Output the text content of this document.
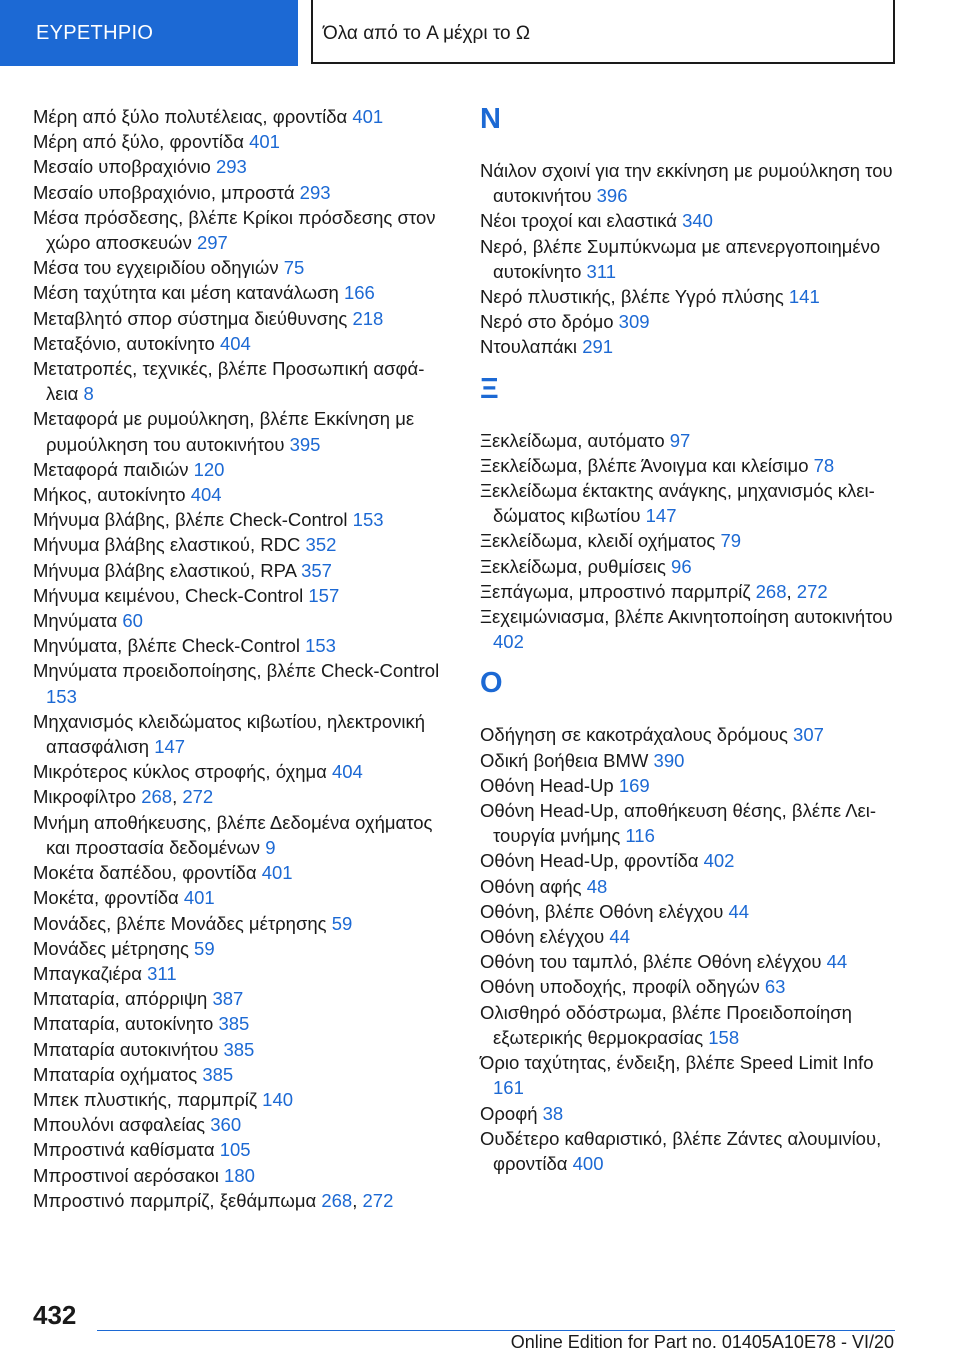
ΕΥΡΕΤΗΡΙΟ	Όλα από το A μέχρι το Ω
Μέρη από ξύλο πολυτέλειας, φροντίδα 401
Μέρη από ξύλο, φροντίδα 401
Μεσαίο υποβραχιόνιο 293
Μεσαίο υποβραχιόνιο, μπροστά 293
Μέσα πρόσδεσης, βλέπε Κρίκοι πρόσδεσης στον χώρο αποσκευών 297
Μέσα του εγχειριδίου οδηγιών 75
Μέση ταχύτητα και μέση κατανάλωση 166
Μεταβλητό σπορ σύστημα διεύθυνσης 218
Μεταξόνιο, αυτοκίνητο 404
Μετατροπές, τεχνικές, βλέπε Προσωπική ασφάλεια 8
Μεταφορά με ρυμούλκηση, βλέπε Εκκίνηση με ρυμούλκηση του αυτοκινήτου 395
Μεταφορά παιδιών 120
Μήκος, αυτοκίνητο 404
Μήνυμα βλάβης, βλέπε Check-Control 153
Μήνυμα βλάβης ελαστικού, RDC 352
Μήνυμα βλάβης ελαστικού, RPA 357
Μήνυμα κειμένου, Check-Control 157
Μηνύματα 60
Μηνύματα, βλέπε Check-Control 153
Μηνύματα προειδοποίησης, βλέπε Check-Control 153
Μηχανισμός κλειδώματος κιβωτίου, ηλεκτρονική απασφάλιση 147
Μικρότερος κύκλος στροφής, όχημα 404
Μικροφίλτρο 268, 272
Μνήμη αποθήκευσης, βλέπε Δεδομένα οχήματος και προστασία δεδομένων 9
Μοκέτα δαπέδου, φροντίδα 401
Μοκέτα, φροντίδα 401
Μονάδες, βλέπε Μονάδες μέτρησης 59
Μονάδες μέτρησης 59
Μπαγκαζιέρα 311
Μπαταρία, απόρριψη 387
Μπαταρία, αυτοκίνητο 385
Μπαταρία αυτοκινήτου 385
Μπαταρία οχήματος 385
Μπεκ πλυστικής, παρμπρίζ 140
Μπουλόνι ασφαλείας 360
Μπροστινά καθίσματα 105
Μπροστινοί αερόσακοι 180
Μπροστινό παρμπρίζ, ξεθάμπωμα 268, 272
N
Νάιλον σχοινί για την εκκίνηση με ρυμούλκηση του αυτοκινήτου 396
Νέοι τροχοί και ελαστικά 340
Νερό, βλέπε Συμπύκνωμα με απενεργοποιημένο αυτοκίνητο 311
Νερό πλυστικής, βλέπε Υγρό πλύσης 141
Νερό στο δρόμο 309
Ντουλαπάκι 291
Ξ
Ξεκλείδωμα, αυτόματο 97
Ξεκλείδωμα, βλέπε Άνοιγμα και κλείσιμο 78
Ξεκλείδωμα έκτακτης ανάγκης, μηχανισμός κλειδώματος κιβωτίου 147
Ξεκλείδωμα, κλειδί οχήματος 79
Ξεκλείδωμα, ρυθμίσεις 96
Ξεπάγωμα, μπροστινό παρμπρίζ 268, 272
Ξεχειμώνιασμα, βλέπε Ακινητοποίηση αυτοκινήτου 402
O
Οδήγηση σε κακοτράχαλους δρόμους 307
Οδική βοήθεια BMW 390
Οθόνη Head-Up 169
Οθόνη Head-Up, αποθήκευση θέσης, βλέπε Λειτουργία μνήμης 116
Οθόνη Head-Up, φροντίδα 402
Οθόνη αφής 48
Οθόνη, βλέπε Οθόνη ελέγχου 44
Οθόνη ελέγχου 44
Οθόνη του ταμπλό, βλέπε Οθόνη ελέγχου 44
Οθόνη υποδοχής, προφίλ οδηγών 63
Ολισθηρό οδόστρωμα, βλέπε Προειδοποίηση εξωτερικής θερμοκρασίας 158
Όριο ταχύτητας, ένδειξη, βλέπε Speed Limit Info 161
Οροφή 38
Ουδέτερο καθαριστικό, βλέπε Ζάντες αλουμινίου, φροντίδα 400
432
Online Edition for Part no. 01405A10E78 - VI/20
